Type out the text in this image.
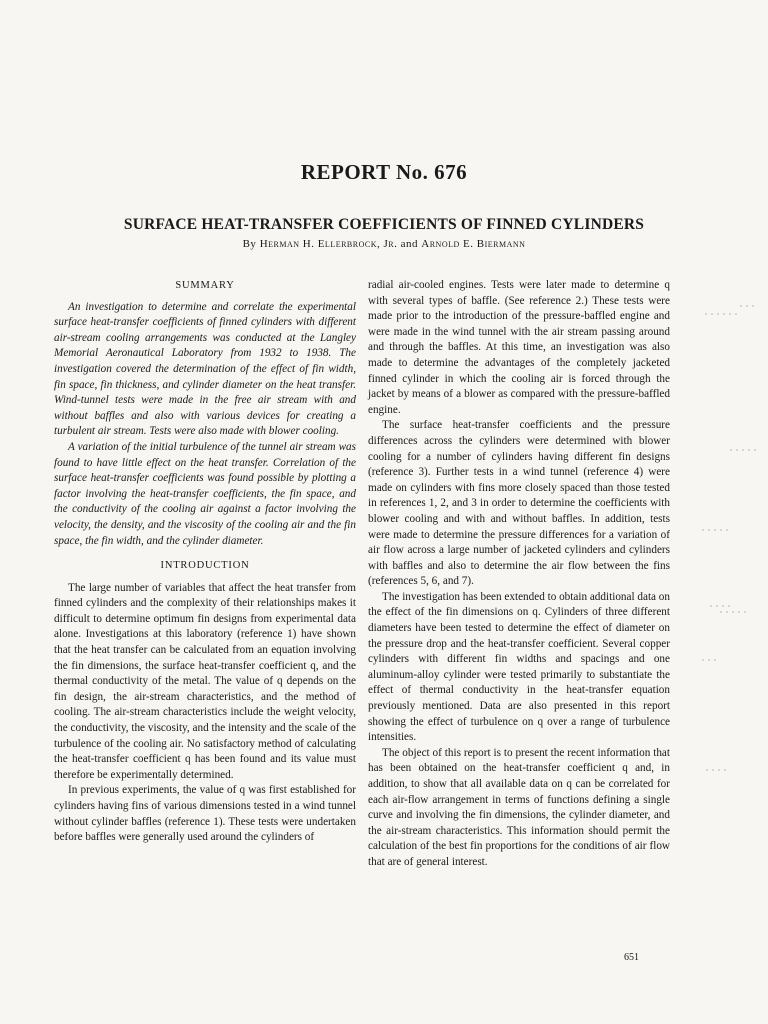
REPORT No. 676
SURFACE HEAT-TRANSFER COEFFICIENTS OF FINNED CYLINDERS
By Herman H. Ellerbrock, Jr. and Arnold E. Biermann
SUMMARY

An investigation to determine and correlate the experimental surface heat-transfer coefficients of finned cylinders with different air-stream cooling arrangements was conducted at the Langley Memorial Aeronautical Laboratory from 1932 to 1938. The investigation covered the determination of the effect of fin width, fin space, fin thickness, and cylinder diameter on the heat transfer. Wind-tunnel tests were made in the free air stream with and without baffles and also with various devices for creating a turbulent air stream. Tests were also made with blower cooling.

A variation of the initial turbulence of the tunnel air stream was found to have little effect on the heat transfer. Correlation of the surface heat-transfer coefficients was found possible by plotting a factor involving the heat-transfer coefficients, the fin space, and the conductivity of the cooling air against a factor involving the velocity, the density, and the viscosity of the cooling air and the fin space, the fin width, and the cylinder diameter.

INTRODUCTION

The large number of variables that affect the heat transfer from finned cylinders and the complexity of their relationships makes it difficult to determine optimum fin designs from experimental data alone. Investigations at this laboratory (reference 1) have shown that the heat transfer can be calculated from an equation involving the fin dimensions, the surface heat-transfer coefficient q, and the thermal conductivity of the metal. The value of q depends on the fin design, the air-stream characteristics, and the method of cooling. The air-stream characteristics include the weight velocity, the conductivity, the viscosity, and the intensity and the scale of the turbulence of the cooling air. No satisfactory method of calculating the heat-transfer coefficient q has been found and its value must therefore be experimentally determined.

In previous experiments, the value of q was first established for cylinders having fins of various dimensions tested in a wind tunnel without cylinder baffles (reference 1). These tests were undertaken before baffles were generally used around the cylinders of

radial air-cooled engines. Tests were later made to determine q with several types of baffle. (See reference 2.) These tests were made prior to the introduction of the pressure-baffled engine and were made in the wind tunnel with the air stream passing around and through the baffles. At this time, an investigation was also made to determine the advantages of the completely jacketed finned cylinder in which the cooling air is forced through the jacket by means of a blower as compared with the pressure-baffled engine.

The surface heat-transfer coefficients and the pressure differences across the cylinders were determined with blower cooling for a number of cylinders having different fin designs (reference 3). Further tests in a wind tunnel (reference 4) were made on cylinders with fins more closely spaced than those tested in references 1, 2, and 3 in order to determine the coefficients with blower cooling and with and without baffles. In addition, tests were made to determine the pressure differences for a variation of air flow across a large number of jacketed cylinders and cylinders with baffles and also to determine the air flow between the fins (references 5, 6, and 7).

The investigation has been extended to obtain additional data on the effect of the fin dimensions on q. Cylinders of three different diameters have been tested to determine the effect of diameter on the pressure drop and the heat-transfer coefficient. Several copper cylinders with different fin widths and spacings and one aluminum-alloy cylinder were tested primarily to substantiate the effect of thermal conductivity in the heat-transfer equation previously mentioned. Data are also presented in this report showing the effect of turbulence on q over a range of turbulence intensities.

The object of this report is to present the recent information that has been obtained on the heat-transfer coefficient q and, in addition, to show that all available data on q can be correlated for each air-flow arrangement in terms of functions defining a single curve and involving the fin dimensions, the cylinder diameter, and the air-stream characteristics. This information should permit the calculation of the best fin proportions for the conditions of air flow that are of general interest.

651
